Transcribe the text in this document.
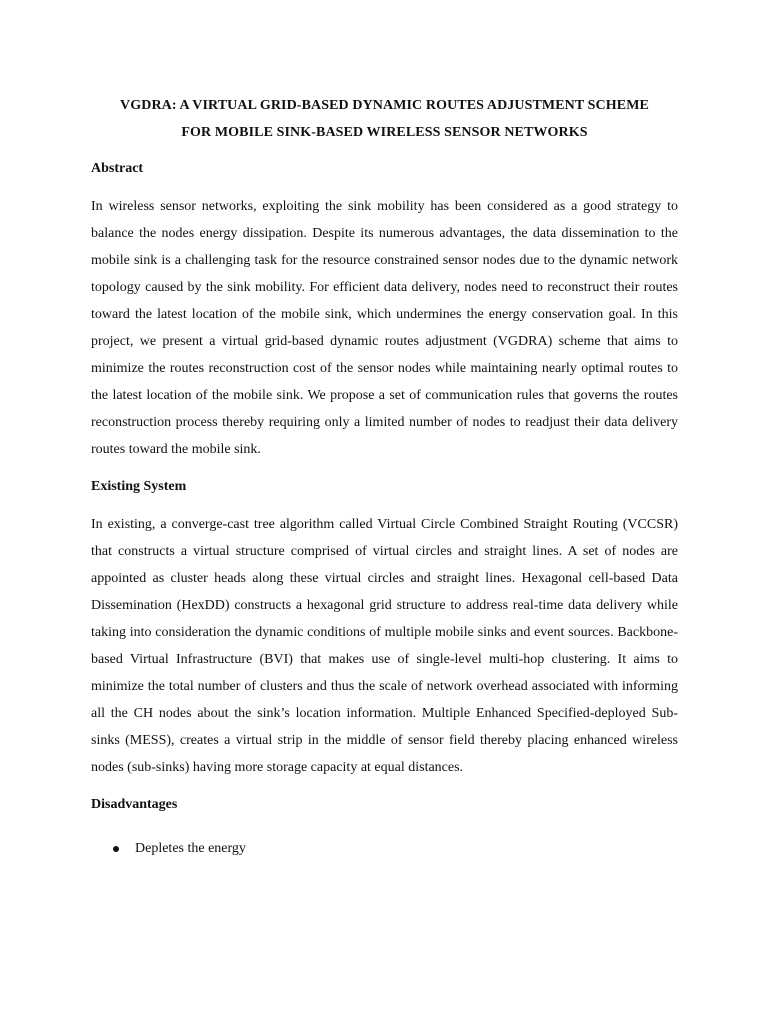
VGDRA: A VIRTUAL GRID-BASED DYNAMIC ROUTES ADJUSTMENT SCHEME
FOR MOBILE SINK-BASED WIRELESS SENSOR NETWORKS
Abstract

In wireless sensor networks, exploiting the sink mobility has been considered as a good strategy to balance the nodes energy dissipation. Despite its numerous advantages, the data dissemination to the mobile sink is a challenging task for the resource constrained sensor nodes due to the dynamic network topology caused by the sink mobility. For efficient data delivery, nodes need to reconstruct their routes toward the latest location of the mobile sink, which undermines the energy conservation goal. In this project, we present a virtual grid-based dynamic routes adjustment (VGDRA) scheme that aims to minimize the routes reconstruction cost of the sensor nodes while maintaining nearly optimal routes to the latest location of the mobile sink. We propose a set of communication rules that governs the routes reconstruction process thereby requiring only a limited number of nodes to readjust their data delivery routes toward the mobile sink.

Existing System

In existing, a converge-cast tree algorithm called Virtual Circle Combined Straight Routing (VCCSR) that constructs a virtual structure comprised of virtual circles and straight lines. A set of nodes are appointed as cluster heads along these virtual circles and straight lines. Hexagonal cell-based Data Dissemination (HexDD) constructs a hexagonal grid structure to address real-time data delivery while taking into consideration the dynamic conditions of multiple mobile sinks and event sources. Backbone-based Virtual Infrastructure (BVI) that makes use of single-level multi-hop clustering. It aims to minimize the total number of clusters and thus the scale of network overhead associated with informing all the CH nodes about the sink’s location information. Multiple Enhanced Specified-deployed Sub-sinks (MESS), creates a virtual strip in the middle of sensor field thereby placing enhanced wireless nodes (sub-sinks) having more storage capacity at equal distances.

Disadvantages
Depletes the energy
